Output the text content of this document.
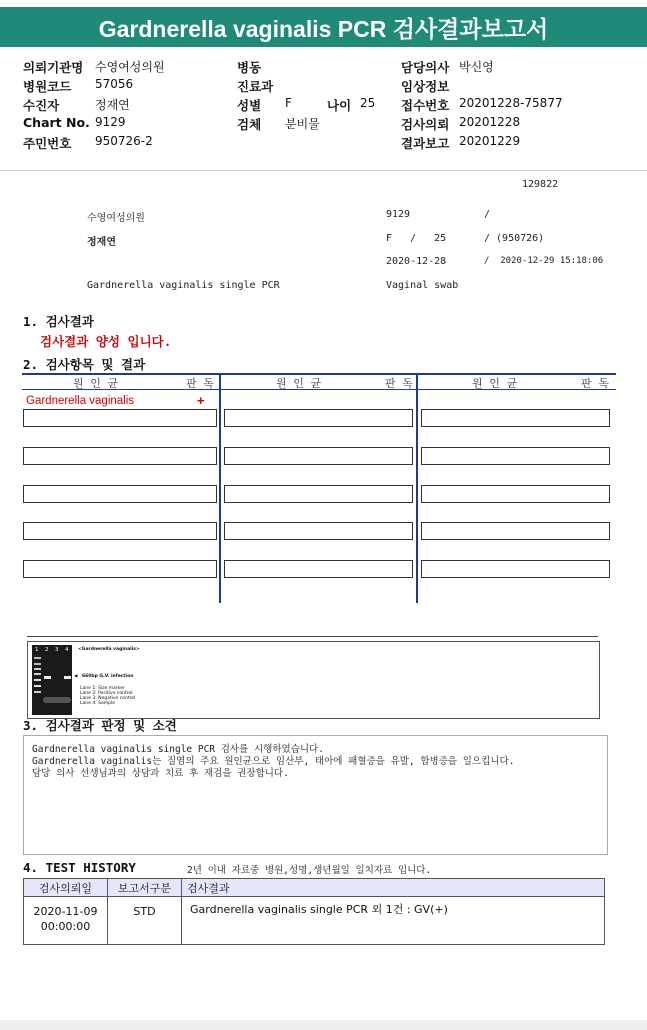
Gardnerella vaginalis PCR 검사결과보고서
의뢰기관명 수영여성의원
병원코드 57056
수진자	정재연
Chart No. 9129
주민번호 950726-2
병동
진료과
성별 F	나이 25
검체 분비물
담당의사 박신영
임상정보
접수번호 20201228-75877
검사의뢰 20201228
결과보고 20201229
129822
수영여성의원	9129	/
정재연	F   /   25	/ (950726)
2020-12-28	/  2020-12-29 15:18:06
Gardnerella vaginalis single PCR	Vaginal swab
1. 검사결과
검사결과 양성 입니다.
2. 검사항목 및 결과
원 인 균	판 독	원 인 균	판 독	원 인 균	판 독
Gardnerella vaginalis	+
1 2 3 4 <Gardnerella vaginalis>
◀ 660bp G.V. infection
Lane 1: Size marker
Lane 2: Positive control
Lane 3: Negative control
Lane 4: Sample
3. 검사결과 판정 및 소견
Gardnerella vaginalis single PCR 검사를 시행하였습니다.
Gardnerella vaginalis는 질염의 주요 원인균으로 임산부, 태아에 패혈증을 유발, 합병증을 일으킵니다.
담당 의사 선생님과의 상담과 치료 후 재검을 권장합니다.
4. TEST HISTORY	2년 이내 자료중 병원,성명,생년월일 일치자료 입니다.
검사의뢰일	보고서구분	검사결과

2020-11-09
00:00:00	STD	Gardnerella vaginalis single PCR 외 1건 : GV(+)
